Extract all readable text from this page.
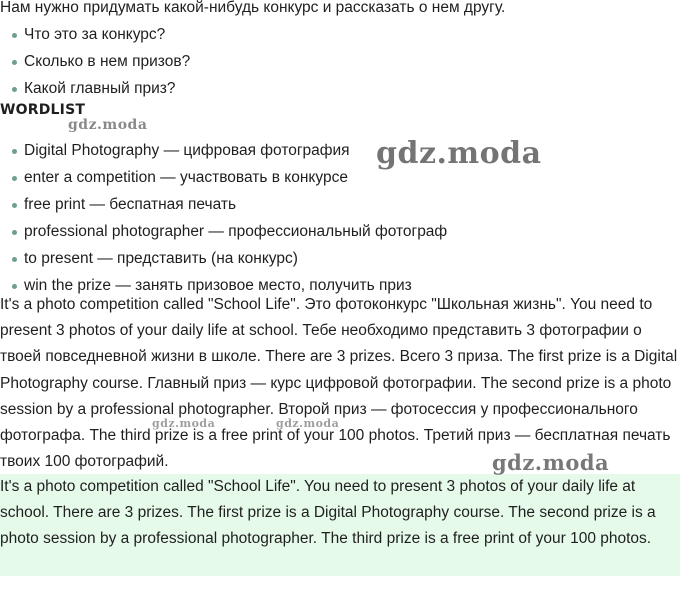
Нам нужно придумать какой-нибудь конкурс и рассказать о нем другу.

Что это за конкурс?
Сколько в нем призов?
Какой главный приз?
WORDLIST
Digital Photography — цифровая фотография
enter a competition — участвовать в конкурсе
free print — беспатная печать
professional photographer — профессиональный фотограф
to present — представить (на конкурс)
win the prize — занять призовое место, получить приз

It's a photo competition called "School Life". Это фотоконкурс "Школьная жизнь". You need to present 3 photos of your daily life at school. Тебе необходимо представить 3 фотографии о твоей повседневной жизни в школе. There are 3 prizes. Всего 3 приза. The first prize is a Digital Photography course. Главный приз — курс цифровой фотографии. The second prize is a photo session by a professional photographer. Второй приз — фотосессия у профессионального фотографа. The third prize is a free print of your 100 photos. Третий приз — бесплатная печать твоих 100 фотографий.

It's a photo competition called "School Life". You need to present 3 photos of your daily life at school. There are 3 prizes. The first prize is a Digital Photography course. The second prize is a photo session by a professional photographer. The third prize is a free print of your 100 photos.

gdz.moda
gdz.moda
gdz.moda	gdz.moda
gdz.moda
